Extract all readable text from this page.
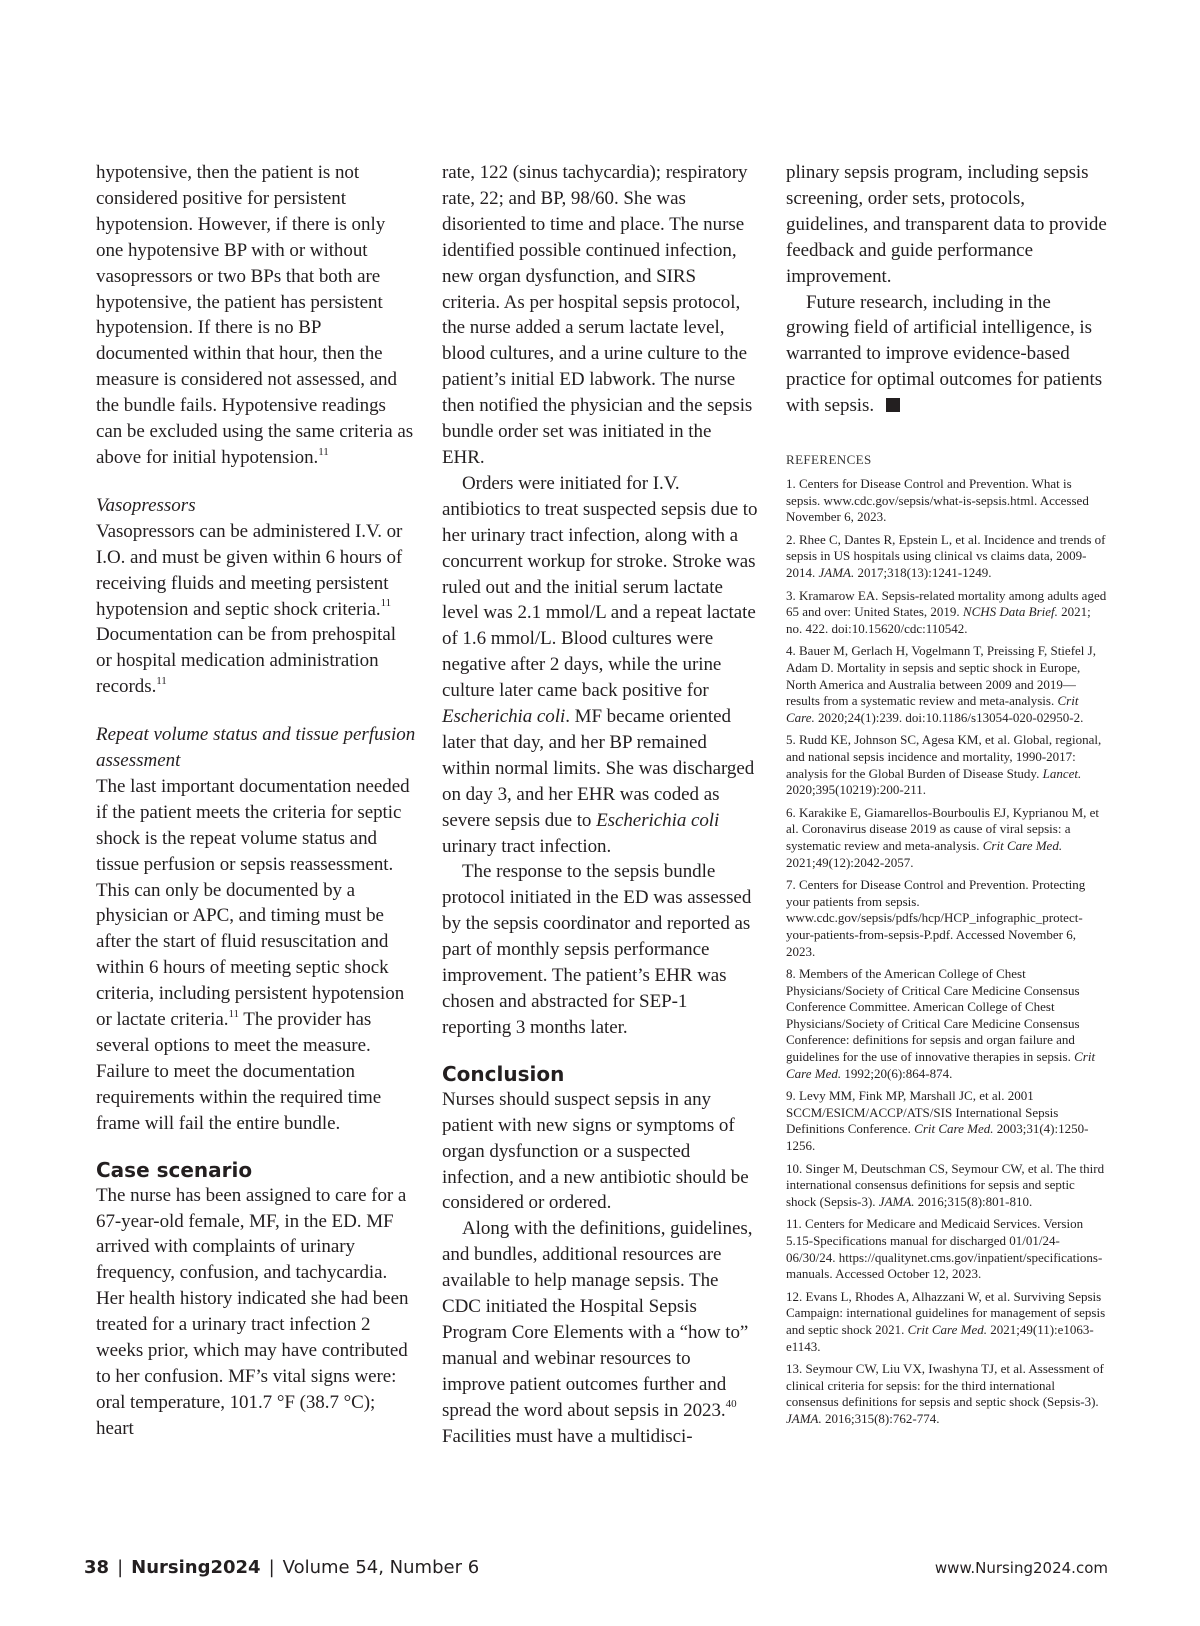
hypotensive, then the patient is not considered positive for persistent hypotension. However, if there is only one hypotensive BP with or without vasopressors or two BPs that both are hypotensive, the patient has persistent hypotension. If there is no BP documented within that hour, then the measure is considered not assessed, and the bundle fails. Hypotensive readings can be excluded using the same criteria as above for initial hypotension.$^{11}$

Vasopressors

Vasopressors can be administered I.V. or I.O. and must be given within 6 hours of receiving fluids and meeting persistent hypotension and septic shock criteria.$^{11}$ Documentation can be from prehospital or hospital medication administration records.$^{11}$

Repeat volume status and tissue perfusion assessment

The last important documentation needed if the patient meets the criteria for septic shock is the repeat volume status and tissue perfusion or sepsis reassessment. This can only be documented by a physician or APC, and timing must be after the start of fluid resuscitation and within 6 hours of meeting septic shock criteria, including persistent hypotension or lactate criteria.$^{11}$ The provider has several options to meet the measure. Failure to meet the documentation requirements within the required time frame will fail the entire bundle.

Case scenario

The nurse has been assigned to care for a 67-year-old female, MF, in the ED. MF arrived with complaints of urinary frequency, confusion, and tachycardia. Her health history indicated she had been treated for a urinary tract infection 2 weeks prior, which may have contributed to her confusion. MF’s vital signs were: oral temperature, 101.7 °F (38.7 °C); heart

rate, 122 (sinus tachycardia); respiratory rate, 22; and BP, 98/60. She was disoriented to time and place. The nurse identified possible continued infection, new organ dysfunction, and SIRS criteria. As per hospital sepsis protocol, the nurse added a serum lactate level, blood cultures, and a urine culture to the patient’s initial ED labwork. The nurse then notified the physician and the sepsis bundle order set was initiated in the EHR.

Orders were initiated for I.V. antibiotics to treat suspected sepsis due to her urinary tract infection, along with a concurrent workup for stroke. Stroke was ruled out and the initial serum lactate level was 2.1 mmol/L and a repeat lactate of 1.6 mmol/L. Blood cultures were negative after 2 days, while the urine culture later came back positive for Escherichia coli. MF became oriented later that day, and her BP remained within normal limits. She was discharged on day 3, and her EHR was coded as severe sepsis due to Escherichia coli urinary tract infection.

The response to the sepsis bundle protocol initiated in the ED was assessed by the sepsis coordinator and reported as part of monthly sepsis performance improvement. The patient’s EHR was chosen and abstracted for SEP-1 reporting 3 months later.

Conclusion

Nurses should suspect sepsis in any patient with new signs or symptoms of organ dysfunction or a suspected infection, and a new antibiotic should be considered or ordered.

Along with the definitions, guidelines, and bundles, additional resources are available to help manage sepsis. The CDC initiated the Hospital Sepsis Program Core Elements with a “how to” manual and webinar resources to improve patient outcomes further and spread the word about sepsis in 2023.40 Facilities must have a multidisci-

plinary sepsis program, including sepsis screening, order sets, protocols, guidelines, and transparent data to provide feedback and guide performance improvement.

Future research, including in the growing field of artificial intelligence, is warranted to improve evidence-based practice for optimal outcomes for patients with sepsis.

REFERENCES

1. Centers for Disease Control and Prevention. What is sepsis. www.cdc.gov/sepsis/what-is-sepsis.html. Accessed November 6, 2023.

2. Rhee C, Dantes R, Epstein L, et al. Incidence and trends of sepsis in US hospitals using clinical vs claims data, 2009-2014. JAMA. 2017;318(13):1241-1249.

3. Kramarow EA. Sepsis-related mortality among adults aged 65 and over: United States, 2019. NCHS Data Brief. 2021; no. 422. doi:10.15620/cdc:110542.

4. Bauer M, Gerlach H, Vogelmann T, Preissing F, Stiefel J, Adam D. Mortality in sepsis and septic shock in Europe, North America and Australia between 2009 and 2019—results from a systematic review and meta-analysis. Crit Care. 2020;24(1):239. doi:10.1186/s13054-020-02950-2.

5. Rudd KE, Johnson SC, Agesa KM, et al. Global, regional, and national sepsis incidence and mortality, 1990-2017: analysis for the Global Burden of Disease Study. Lancet. 2020;395(10219):200-211.

6. Karakike E, Giamarellos-Bourboulis EJ, Kyprianou M, et al. Coronavirus disease 2019 as cause of viral sepsis: a systematic review and meta-analysis. Crit Care Med. 2021;49(12):2042-2057.

7. Centers for Disease Control and Prevention. Protecting your patients from sepsis. www.cdc.gov/sepsis/pdfs/hcp/HCP_infographic_protect-your-patients-from-sepsis-P.pdf. Accessed November 6, 2023.

8. Members of the American College of Chest Physicians/Society of Critical Care Medicine Consensus Conference Committee. American College of Chest Physicians/Society of Critical Care Medicine Consensus Conference: definitions for sepsis and organ failure and guidelines for the use of innovative therapies in sepsis. Crit Care Med. 1992;20(6):864-874.

9. Levy MM, Fink MP, Marshall JC, et al. 2001 SCCM/ESICM/ACCP/ATS/SIS International Sepsis Definitions Conference. Crit Care Med. 2003;31(4):1250-1256.

10. Singer M, Deutschman CS, Seymour CW, et al. The third international consensus definitions for sepsis and septic shock (Sepsis-3). JAMA. 2016;315(8):801-810.

11. Centers for Medicare and Medicaid Services. Version 5.15-Specifications manual for discharged 01/01/24-06/30/24. https://qualitynet.cms.gov/inpatient/specifications-manuals. Accessed October 12, 2023.

12. Evans L, Rhodes A, Alhazzani W, et al. Surviving Sepsis Campaign: international guidelines for management of sepsis and septic shock 2021. Crit Care Med. 2021;49(11):e1063-e1143.

13. Seymour CW, Liu VX, Iwashyna TJ, et al. Assessment of clinical criteria for sepsis: for the third international consensus definitions for sepsis and septic shock (Sepsis-3). JAMA. 2016;315(8):762-774.

38 | Nursing2024 | Volume 54, Number 6	www.Nursing2024.com
